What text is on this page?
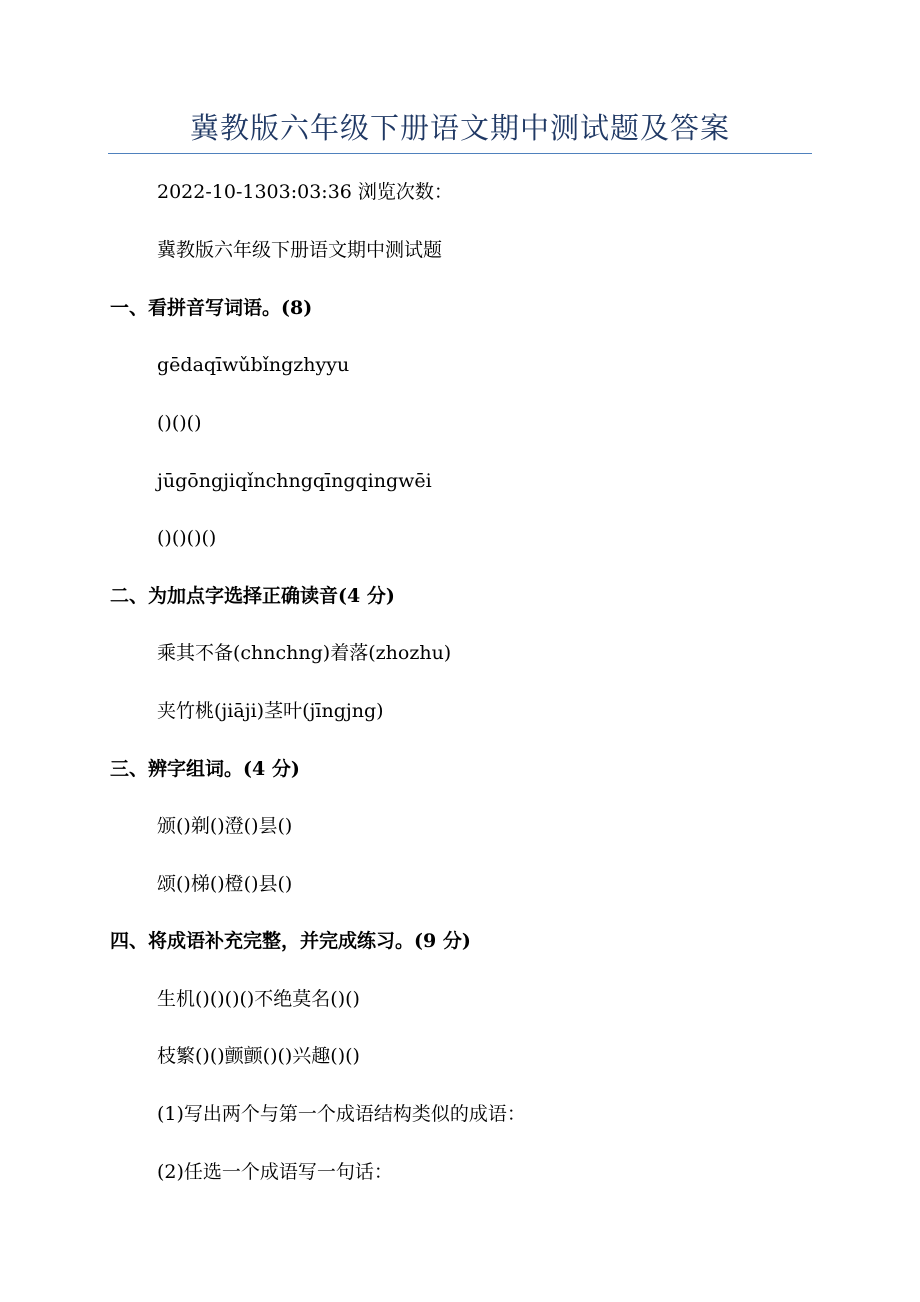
冀教版六年级下册语文期中测试题及答案
2022-10-1303:03:36 浏览次数：
冀教版六年级下册语文期中测试题
一、看拼音写词语。(8)
gēdaqīwǔbǐngzhyyu
()()()
jūgōngjiqǐnchngqīngqingwēi
()()()()
二、为加点字选择正确读音(4 分)
乘其不备(chnchng)着落(zhozhu)
夹竹桃(jiāji)茎叶(jīngjng)
三、辨字组词。(4 分)
颁()剃()澄()昙()
颂()梯()橙()县()
四、将成语补充完整，并完成练习。(9 分)
生机()()()()不绝莫名()()
枝繁()()颤颤()()兴趣()()
(1)写出两个与第一个成语结构类似的成语：
(2)任选一个成语写一句话：
